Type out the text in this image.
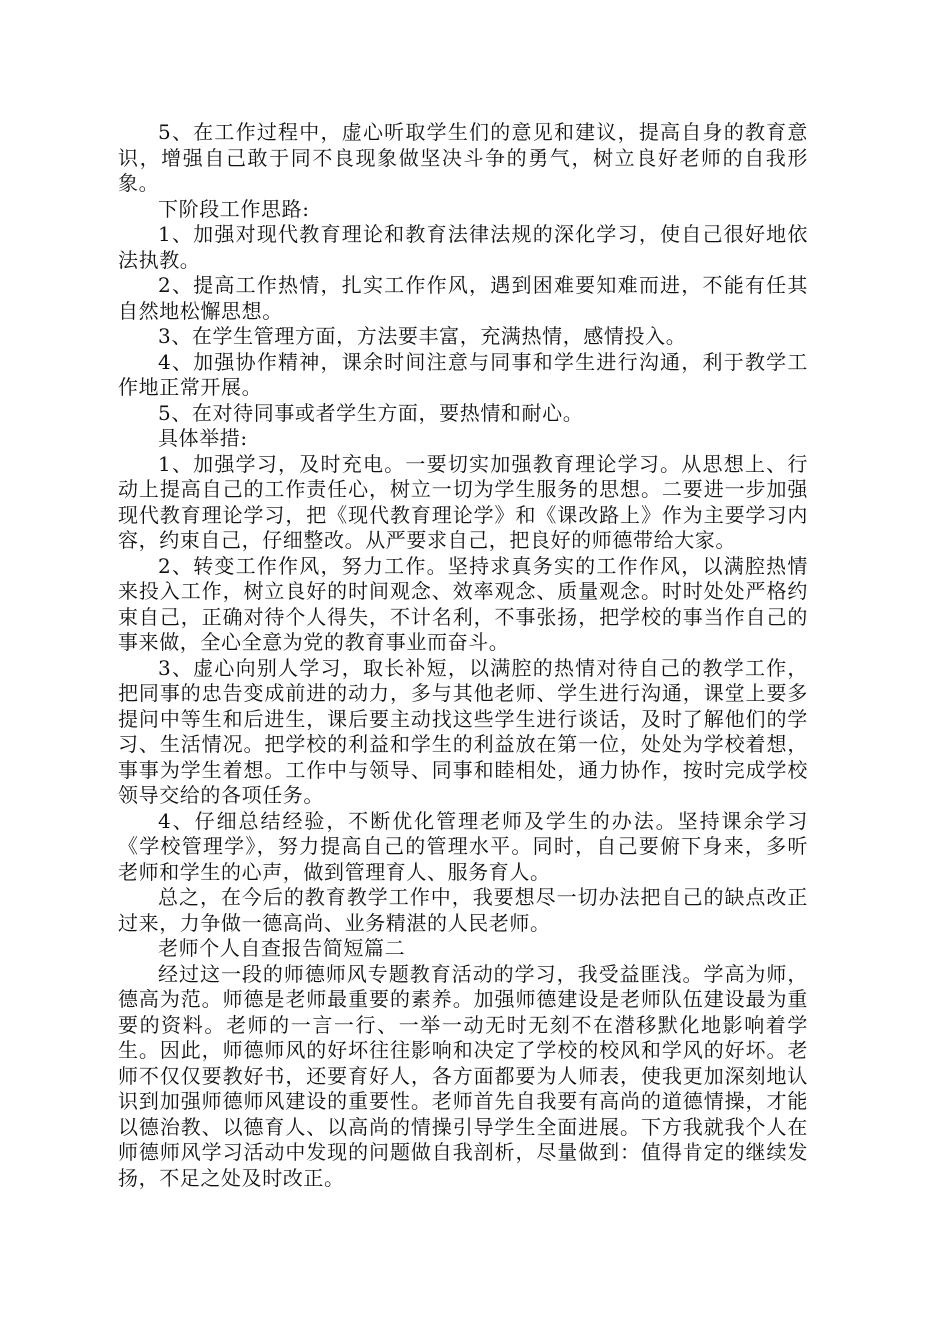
5、在工作过程中，虚心听取学生们的意见和建议，提高自身的教育意识，增强自己敢于同不良现象做坚决斗争的勇气，树立良好老师的自我形象。

下阶段工作思路:

1、加强对现代教育理论和教育法律法规的深化学习，使自己很好地依法执教。

2、提高工作热情，扎实工作作风，遇到困难要知难而进，不能有任其自然地松懈思想。

3、在学生管理方面，方法要丰富，充满热情，感情投入。

4、加强协作精神，课余时间注意与同事和学生进行沟通，利于教学工作地正常开展。

5、在对待同事或者学生方面，要热情和耐心。

具体举措:

1、加强学习，及时充电。一要切实加强教育理论学习。从思想上、行动上提高自己的工作责任心，树立一切为学生服务的思想。二要进一步加强现代教育理论学习，把《现代教育理论学》和《课改路上》作为主要学习内容，约束自己，仔细整改。从严要求自己，把良好的师德带给大家。

2、转变工作作风，努力工作。坚持求真务实的工作作风，以满腔热情来投入工作，树立良好的时间观念、效率观念、质量观念。时时处处严格约束自己，正确对待个人得失，不计名利，不事张扬，把学校的事当作自己的事来做，全心全意为党的教育事业而奋斗。

3、虚心向别人学习，取长补短，以满腔的热情对待自己的教学工作，把同事的忠告变成前进的动力，多与其他老师、学生进行沟通，课堂上要多提问中等生和后进生，课后要主动找这些学生进行谈话，及时了解他们的学习、生活情况。把学校的利益和学生的利益放在第一位，处处为学校着想，事事为学生着想。工作中与领导、同事和睦相处，通力协作，按时完成学校领导交给的各项任务。

4、仔细总结经验，不断优化管理老师及学生的办法。坚持课余学习《学校管理学》，努力提高自己的管理水平。同时，自己要俯下身来，多听老师和学生的心声，做到管理育人、服务育人。

总之，在今后的教育教学工作中，我要想尽一切办法把自己的缺点改正过来，力争做一德高尚、业务精湛的人民老师。

老师个人自查报告简短篇二

经过这一段的师德师风专题教育活动的学习，我受益匪浅。学高为师，德高为范。师德是老师最重要的素养。加强师德建设是老师队伍建设最为重要的资料。老师的一言一行、一举一动无时无刻不在潜移默化地影响着学生。因此，师德师风的好坏往往影响和决定了学校的校风和学风的好坏。老师不仅仅要教好书，还要育好人，各方面都要为人师表，使我更加深刻地认识到加强师德师风建设的重要性。老师首先自我要有高尚的道德情操，才能以德治教、以德育人、以高尚的情操引导学生全面进展。下方我就我个人在师德师风学习活动中发现的问题做自我剖析，尽量做到：值得肯定的继续发扬，不足之处及时改正。
